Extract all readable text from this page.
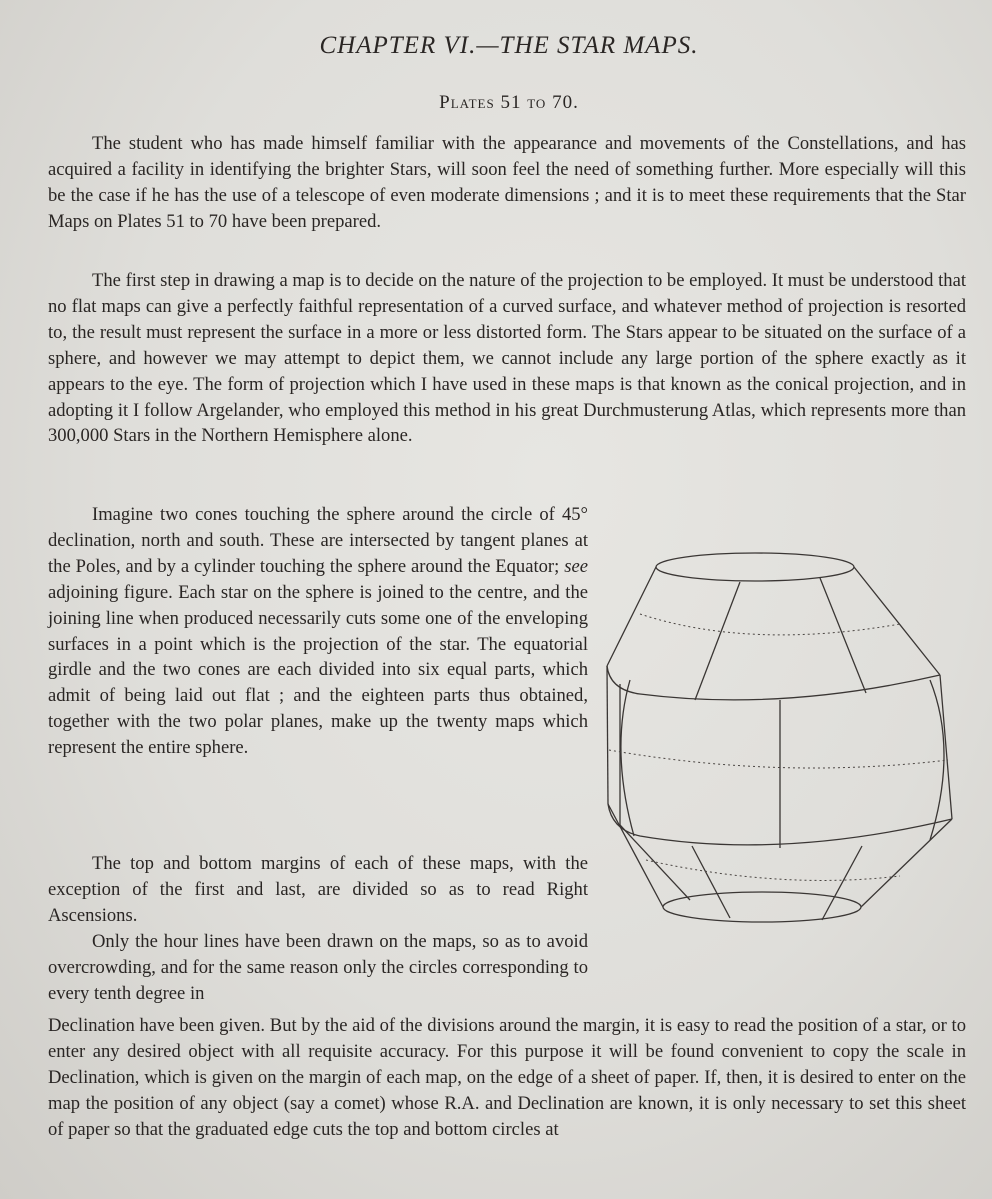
CHAPTER VI.—THE STAR MAPS.
Plates 51 to 70.

The student who has made himself familiar with the appearance and movements of the Constellations, and has acquired a facility in identifying the brighter Stars, will soon feel the need of something further. More especially will this be the case if he has the use of a telescope of even moderate dimensions ; and it is to meet these requirements that the Star Maps on Plates 51 to 70 have been prepared.

The first step in drawing a map is to decide on the nature of the projection to be employed. It must be understood that no flat maps can give a perfectly faithful representation of a curved surface, and whatever method of projection is resorted to, the result must represent the surface in a more or less distorted form. The Stars appear to be situated on the surface of a sphere, and however we may attempt to depict them, we cannot include any large portion of the sphere exactly as it appears to the eye. The form of projection which I have used in these maps is that known as the conical projection, and in adopting it I follow Argelander, who employed this method in his great Durchmusterung Atlas, which represents more than 300,000 Stars in the Northern Hemisphere alone.

Imagine two cones touching the sphere around the circle of 45° declination, north and south. These are intersected by tangent planes at the Poles, and by a cylinder touching the sphere around the Equator; see adjoining figure. Each star on the sphere is joined to the centre, and the joining line when produced necessarily cuts some one of the enveloping surfaces in a point which is the projection of the star. The equatorial girdle and the two cones are each divided into six equal parts, which admit of being laid out flat ; and the eighteen parts thus obtained, together with the two polar planes, make up the twenty maps which represent the entire sphere.

The top and bottom margins of each of these maps, with the exception of the first and last, are divided so as to read Right Ascensions.

Only the hour lines have been drawn on the maps, so as to avoid overcrowding, and for the same reason only the circles corresponding to every tenth degree in

Declination have been given. But by the aid of the divisions around the margin, it is easy to read the position of a star, or to enter any desired object with all requisite accuracy. For this purpose it will be found convenient to copy the scale in Declination, which is given on the margin of each map, on the edge of a sheet of paper. If, then, it is desired to enter on the map the position of any object (say a comet) whose R.A. and Declination are known, it is only necessary to set this sheet of paper so that the graduated edge cuts the top and bottom circles at
